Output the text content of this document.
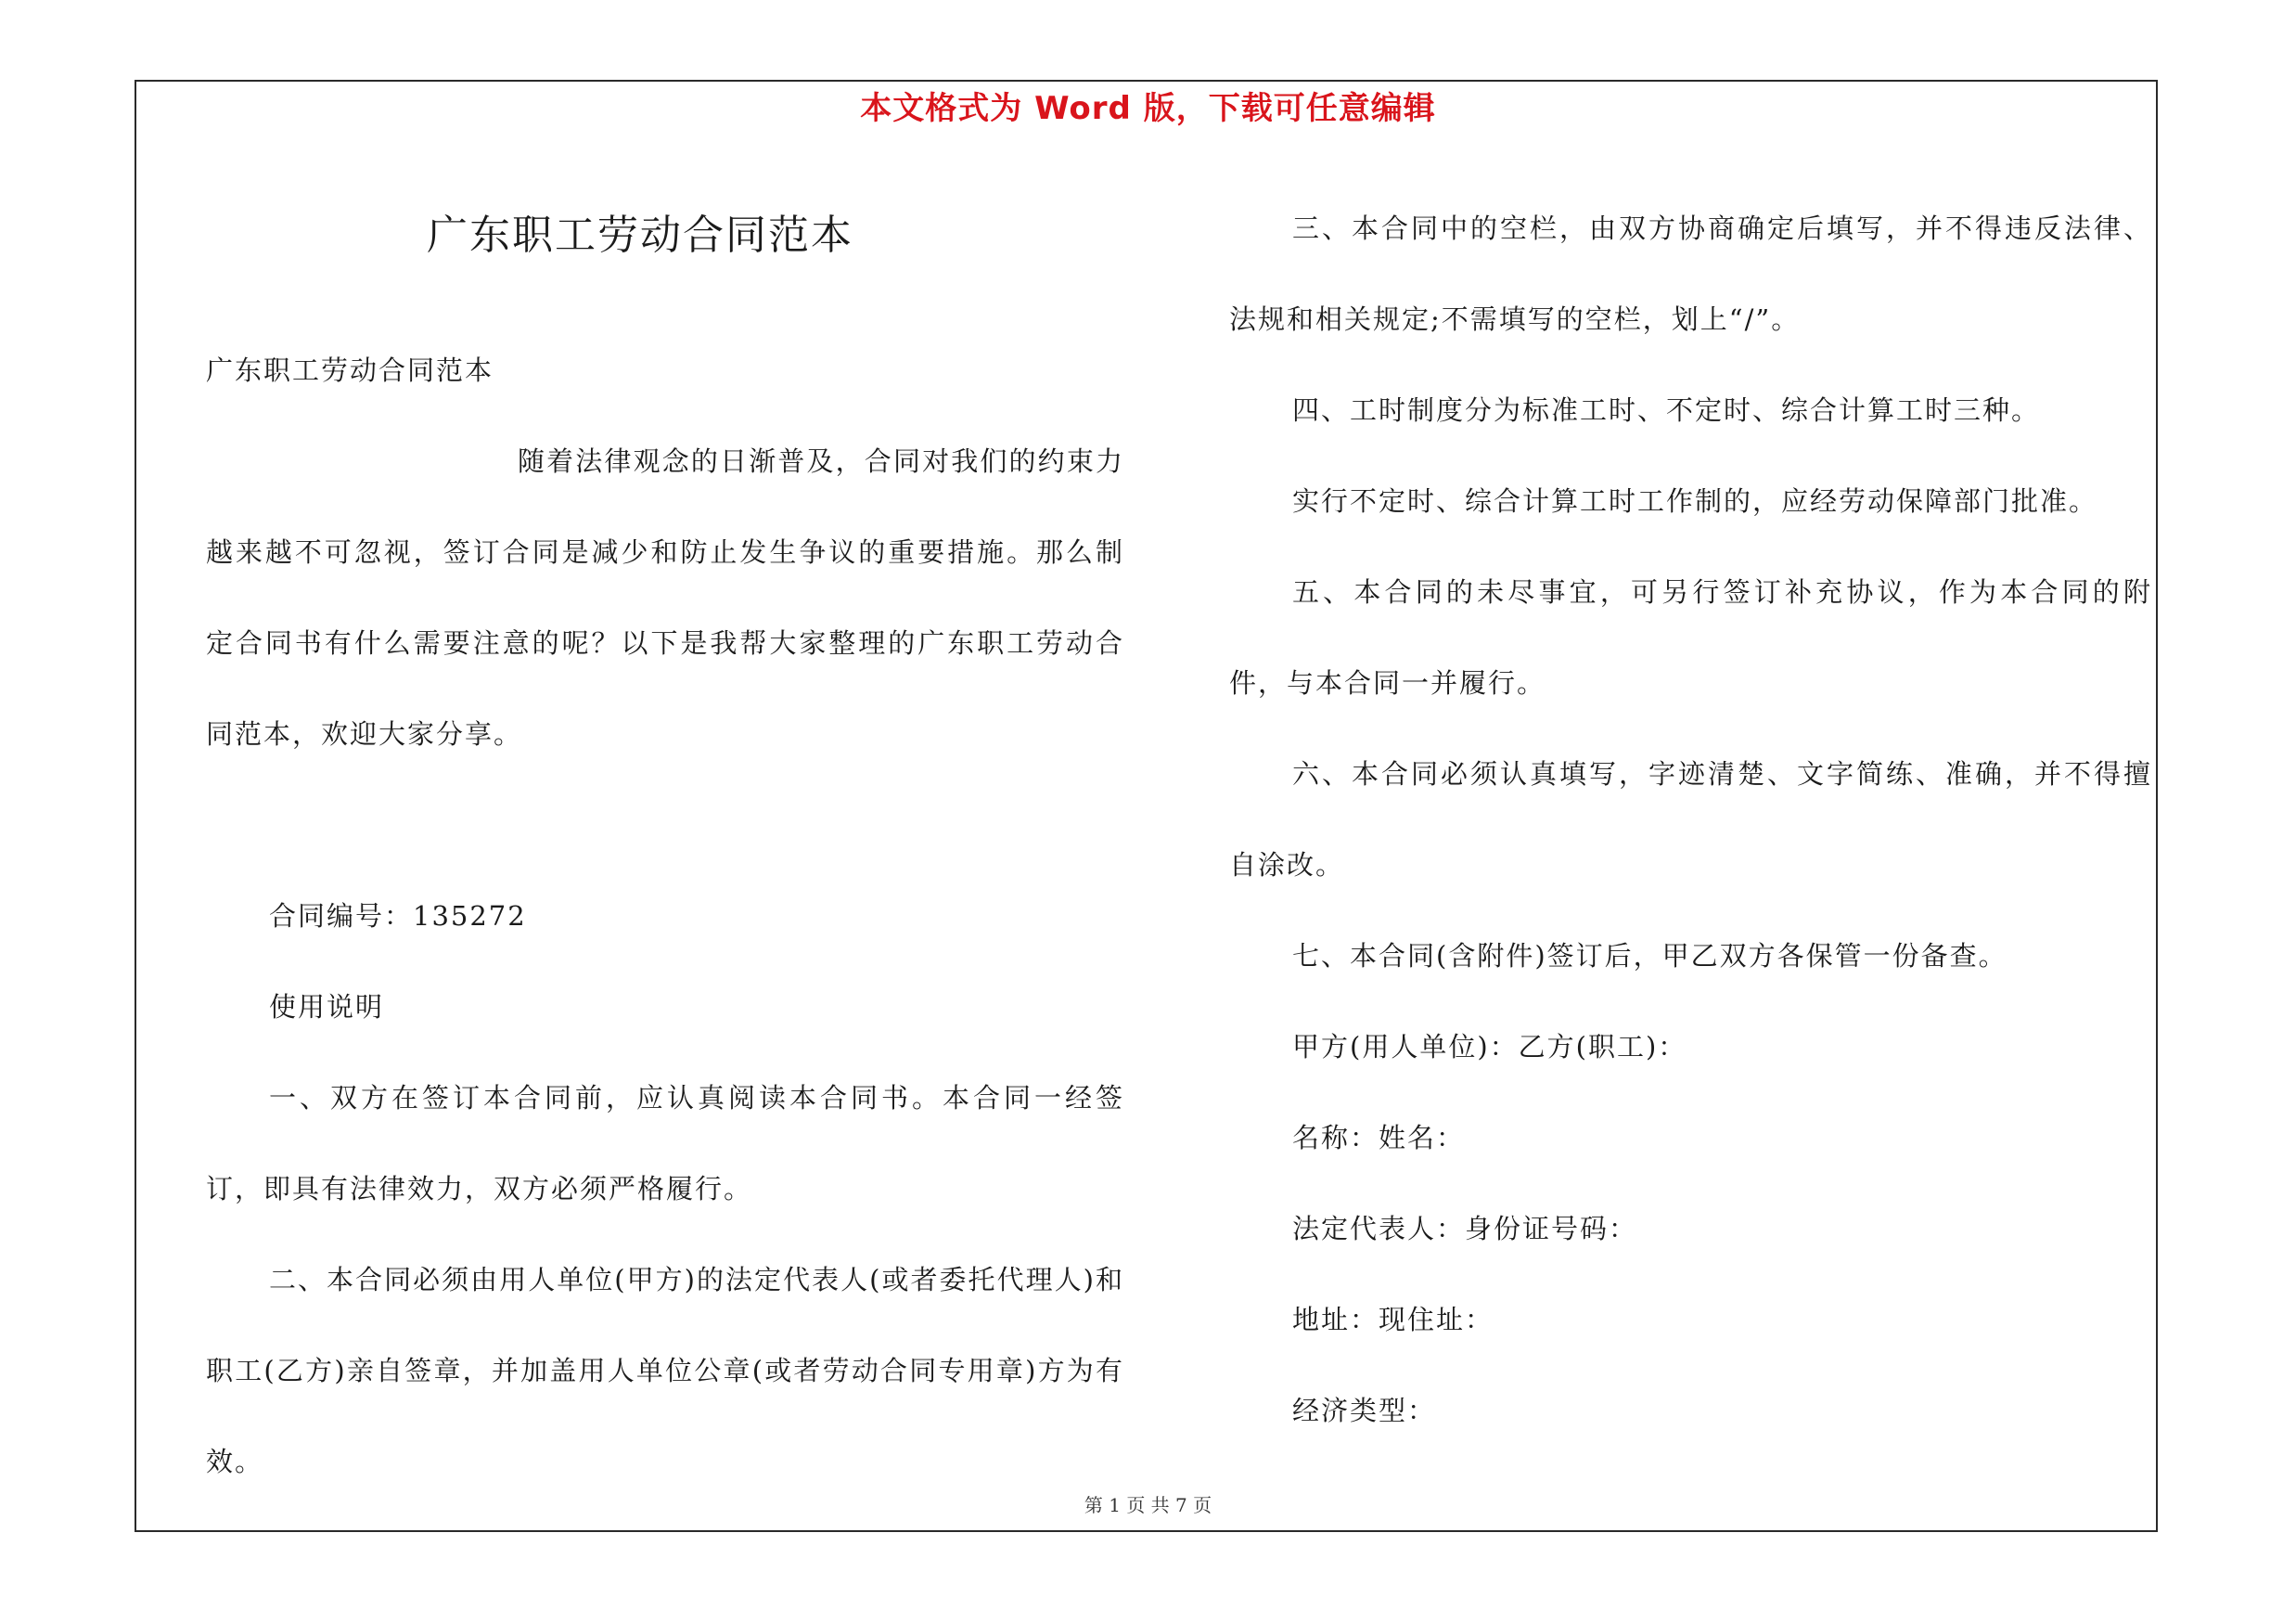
本文格式为 Word 版，下载可任意编辑
广东职工劳动合同范本

广东职工劳动合同范本

随着法律观念的日渐普及，合同对我们的约束力越来越不可忽视，签订合同是减少和防止发生争议的重要措施。那么制定合同书有什么需要注意的呢？以下是我帮大家整理的广东职工劳动合同范本，欢迎大家分享。

合同编号：135272

使用说明

一、双方在签订本合同前，应认真阅读本合同书。本合同一经签订，即具有法律效力，双方必须严格履行。

二、本合同必须由用人单位(甲方)的法定代表人(或者委托代理人)和职工(乙方)亲自签章，并加盖用人单位公章(或者劳动合同专用章)方为有效。

三、本合同中的空栏，由双方协商确定后填写，并不得违反法律、法规和相关规定;不需填写的空栏，划上“/”。

四、工时制度分为标准工时、不定时、综合计算工时三种。

实行不定时、综合计算工时工作制的，应经劳动保障部门批准。

五、本合同的未尽事宜，可另行签订补充协议，作为本合同的附件，与本合同一并履行。

六、本合同必须认真填写，字迹清楚、文字简练、准确，并不得擅自涂改。

七、本合同(含附件)签订后，甲乙双方各保管一份备查。

甲方(用人单位)：乙方(职工)：

名称：姓名：

法定代表人：身份证号码：

地址：现住址：

经济类型：

第 1 页 共 7 页
